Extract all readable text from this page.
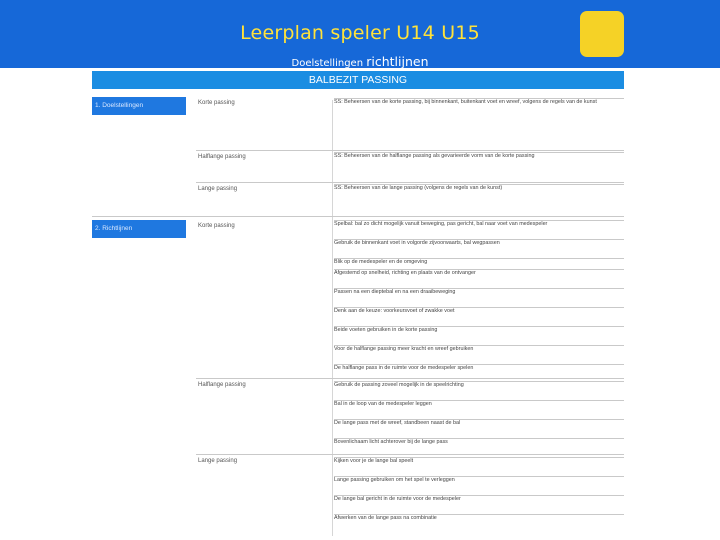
Leerplan speler U14 U15
Doelstellingen richtlijnen
BALBEZIT PASSING
1. Doelstellingen
2. Richtlijnen
Korte passing
Halflange passing
Lange passing
Korte passing
Halflange passing
Lange passing
SS: Beheersen van de korte passing, bij binnenkant, buitenkant voet en wreef, volgens de regels van de kunst
SS: Beheersen van de halflange passing als gevarieerde vorm van de korte passing
SS: Beheersen van de lange passing (volgens de regels van de kunst)
Spelbal: bal zo dicht mogelijk vanuit beweging, pas gericht, bal naar voet van medespeler
Gebruik de binnenkant voet in volgorde zijvoorwaarts, bal wegpassen
Blik op de medespeler en de omgeving
Afgestemd op snelheid, richting en plaats van de ontvanger
Passen na een dieptebal en na een draaibeweging
Denk aan de keuze: voorkeursvoet of zwakke voet
Beide voeten gebruiken in de korte passing
Voor de halflange passing meer kracht en wreef gebruiken
De halflange pass in de ruimte voor de medespeler spelen
Gebruik de passing zoveel mogelijk in de speelrichting
Bal in de loop van de medespeler leggen
De lange pass met de wreef, standbeen naast de bal
Bovenlichaam licht achterover bij de lange pass
Kijken voor je de lange bal speelt
Lange passing gebruiken om het spel te verleggen
De lange bal gericht in de ruimte voor de medespeler
Afwerken van de lange pass na combinatie
